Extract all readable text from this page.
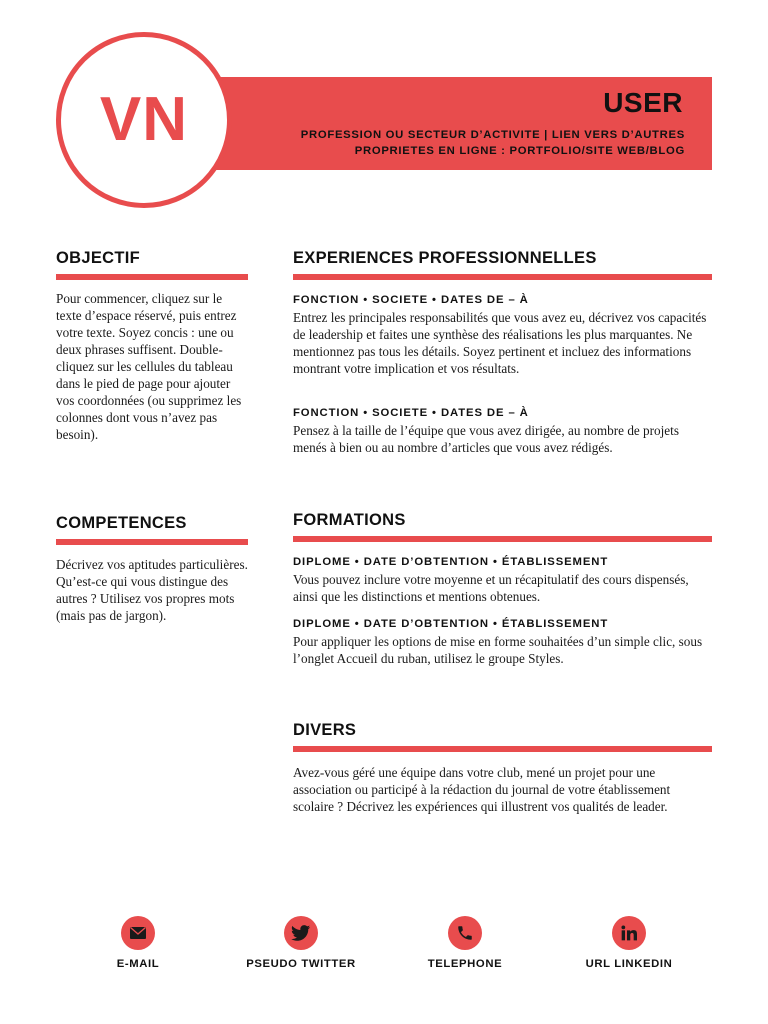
USER
PROFESSION OU SECTEUR D’ACTIVITE | LIEN VERS D’AUTRES PROPRIETES EN LIGNE : PORTFOLIO/SITE WEB/BLOG
VN
OBJECTIF

Pour commencer, cliquez sur le texte d’espace réservé, puis entrez votre texte. Soyez concis : une ou deux phrases suffisent. Double-cliquez sur les cellules du tableau dans le pied de page pour ajouter vos coordonnées (ou supprimez les colonnes dont vous n’avez pas besoin).

COMPETENCES

Décrivez vos aptitudes particulières. Qu’est-ce qui vous distingue des autres ? Utilisez vos propres mots (mais pas de jargon).

EXPERIENCES PROFESSIONNELLES

FONCTION • SOCIETE • DATES DE – À

Entrez les principales responsabilités que vous avez eu, décrivez vos capacités de leadership et faites une synthèse des réalisations les plus marquantes. Ne mentionnez pas tous les détails. Soyez pertinent et incluez des informations montrant votre implication et vos résultats.

FONCTION • SOCIETE • DATES DE – À

Pensez à la taille de l’équipe que vous avez dirigée, au nombre de projets menés à bien ou au nombre d’articles que vous avez rédigés.

FORMATIONS

DIPLOME • DATE D’OBTENTION • ÉTABLISSEMENT

Vous pouvez inclure votre moyenne et un récapitulatif des cours dispensés, ainsi que les distinctions et mentions obtenues.

DIPLOME • DATE D’OBTENTION • ÉTABLISSEMENT

Pour appliquer les options de mise en forme souhaitées d’un simple clic, sous l’onglet Accueil du ruban, utilisez le groupe Styles.

DIVERS

Avez-vous géré une équipe dans votre club, mené un projet pour une association ou participé à la rédaction du journal de votre établissement scolaire ? Décrivez les expériences qui illustrent vos qualités de leader.

E-MAIL	PSEUDO TWITTER	TELEPHONE	URL LINKEDIN
